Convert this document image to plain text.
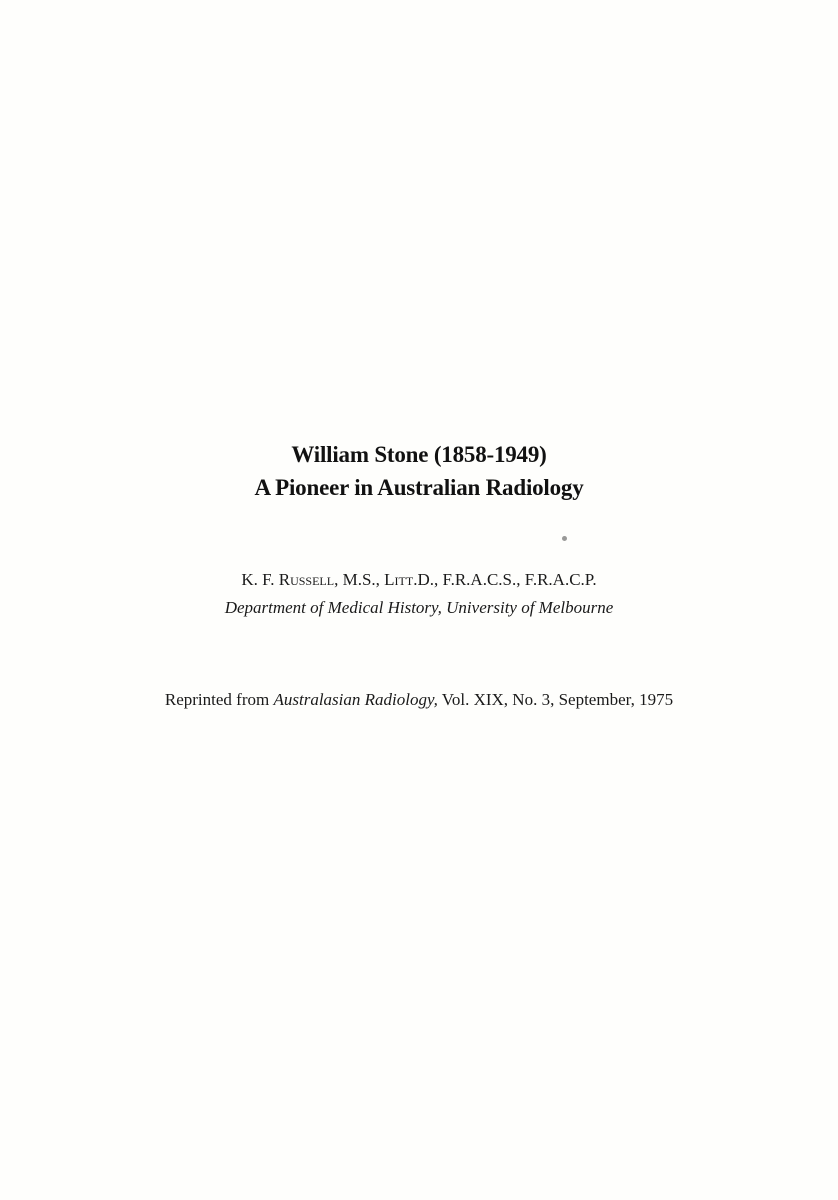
William Stone (1858-1949)

A Pioneer in Australian Radiology

K. F. Russell, M.S., Litt.D., F.R.A.C.S., F.R.A.C.P.

Department of Medical History, University of Melbourne

Reprinted from Australasian Radiology, Vol. XIX, No. 3, September, 1975
